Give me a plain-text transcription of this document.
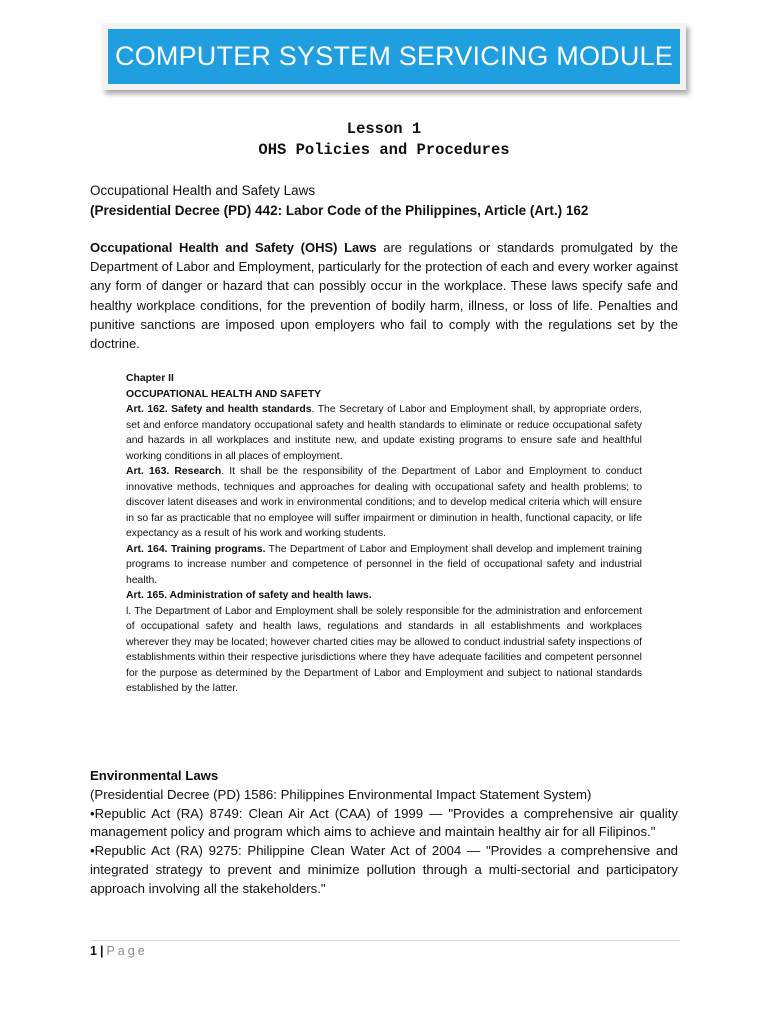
COMPUTER SYSTEM SERVICING MODULE
Lesson 1
OHS Policies and Procedures
Occupational Health and Safety Laws
(Presidential Decree (PD) 442: Labor Code of the Philippines, Article (Art.) 162
Occupational Health and Safety (OHS) Laws are regulations or standards promulgated by the Department of Labor and Employment, particularly for the protection of each and every worker against any form of danger or hazard that can possibly occur in the workplace. These laws specify safe and healthy workplace conditions, for the prevention of bodily harm, illness, or loss of life. Penalties and punitive sanctions are imposed upon employers who fail to comply with the regulations set by the doctrine.
Chapter II
OCCUPATIONAL HEALTH AND SAFETY
Art. 162. Safety and health standards. The Secretary of Labor and Employment shall, by appropriate orders, set and enforce mandatory occupational safety and health standards to eliminate or reduce occupational safety and hazards in all workplaces and institute new, and update existing programs to ensure safe and healthful working conditions in all places of employment.
Art. 163. Research. It shall be the responsibility of the Department of Labor and Employment to conduct innovative methods, techniques and approaches for dealing with occupational safety and health problems; to discover latent diseases and work in environmental conditions; and to develop medical criteria which will ensure in so far as practicable that no employee will suffer impairment or diminution in health, functional capacity, or life expectancy as a result of his work and working students.
Art. 164. Training programs. The Department of Labor and Employment shall develop and implement training programs to increase number and competence of personnel in the field of occupational safety and industrial health.
Art. 165. Administration of safety and health laws.
l. The Department of Labor and Employment shall be solely responsible for the administration and enforcement of occupational safety and health laws, regulations and standards in all establishments and workplaces wherever they may be located; however charted cities may be allowed to conduct industrial safety inspections of establishments within their respective jurisdictions where they have adequate facilities and competent personnel for the purpose as determined by the Department of Labor and Employment and subject to national standards established by the latter.
Environmental Laws
(Presidential Decree (PD) 1586: Philippines Environmental Impact Statement System)
•Republic Act (RA) 8749: Clean Air Act (CAA) of 1999 — "Provides a comprehensive air quality management policy and program which aims to achieve and maintain healthy air for all Filipinos."
•Republic Act (RA) 9275: Philippine Clean Water Act of 2004 — "Provides a comprehensive and integrated strategy to prevent and minimize pollution through a multi-sectorial and participatory approach involving all the stakeholders."
1 | Page
